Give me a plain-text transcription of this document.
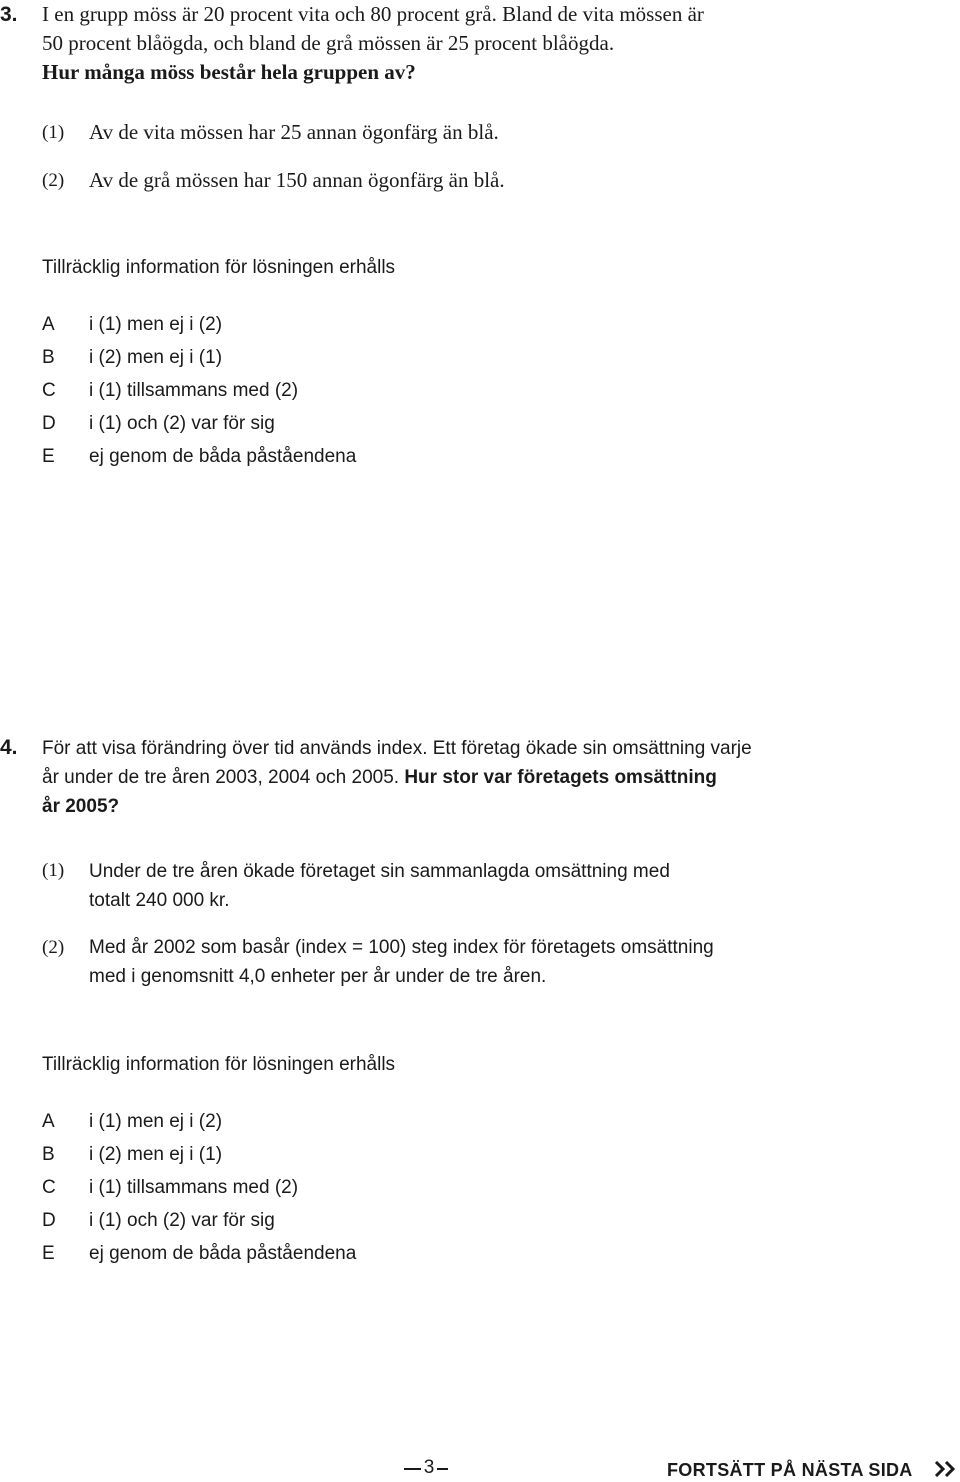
3. I en grupp möss är 20 procent vita och 80 procent grå. Bland de vita mössen är
50 procent blåögda, och bland de grå mössen är 25 procent blåögda.
Hur många möss består hela gruppen av?
(1) Av de vita mössen har 25 annan ögonfärg än blå.
(2) Av de grå mössen har 150 annan ögonfärg än blå.
Tillräcklig information för lösningen erhålls
A i (1) men ej i (2)
B i (2) men ej i (1)
C i (1) tillsammans med (2)
D i (1) och (2) var för sig
E ej genom de båda påståendena
4. För att visa förändring över tid används index. Ett företag ökade sin omsättning varje
år under de tre åren 2003, 2004 och 2005. Hur stor var företagets omsättning
år 2005?
(1) Under de tre åren ökade företaget sin sammanlagda omsättning med
totalt 240 000 kr.
(2) Med år 2002 som basår (index = 100) steg index för företagets omsättning
med i genomsnitt 4,0 enheter per år under de tre åren.
Tillräcklig information för lösningen erhålls
A i (1) men ej i (2)
B i (2) men ej i (1)
C i (1) tillsammans med (2)
D i (1) och (2) var för sig
E ej genom de båda påståendena
3	FORTSÄTT PÅ NÄSTA SIDA
